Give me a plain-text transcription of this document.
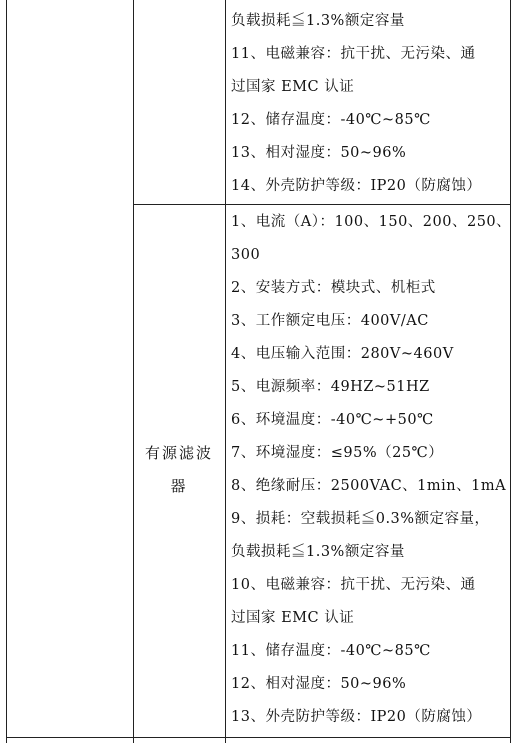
负载损耗≦1.3%额定容量
11、电磁兼容：抗干扰、无污染、通
过国家 EMC 认证
12、储存温度：-40℃~85℃
13、相对湿度：50~96%
14、外壳防护等级：IP20（防腐蚀）
有源滤波
器
1、电流（A）：100、150、200、250、
300
2、安装方式：模块式、机柜式
3、工作额定电压：400V/AC
4、电压输入范围：280V~460V
5、电源频率：49HZ~51HZ
6、环境温度：-40℃~+50℃
7、环境湿度：≤95%（25℃）
8、绝缘耐压：2500VAC、1min、1mA
9、损耗：空载损耗≦0.3%额定容量，
负载损耗≦1.3%额定容量
10、电磁兼容：抗干扰、无污染、通
过国家 EMC 认证
11、储存温度：-40℃~85℃
12、相对湿度：50~96%
13、外壳防护等级：IP20（防腐蚀）
